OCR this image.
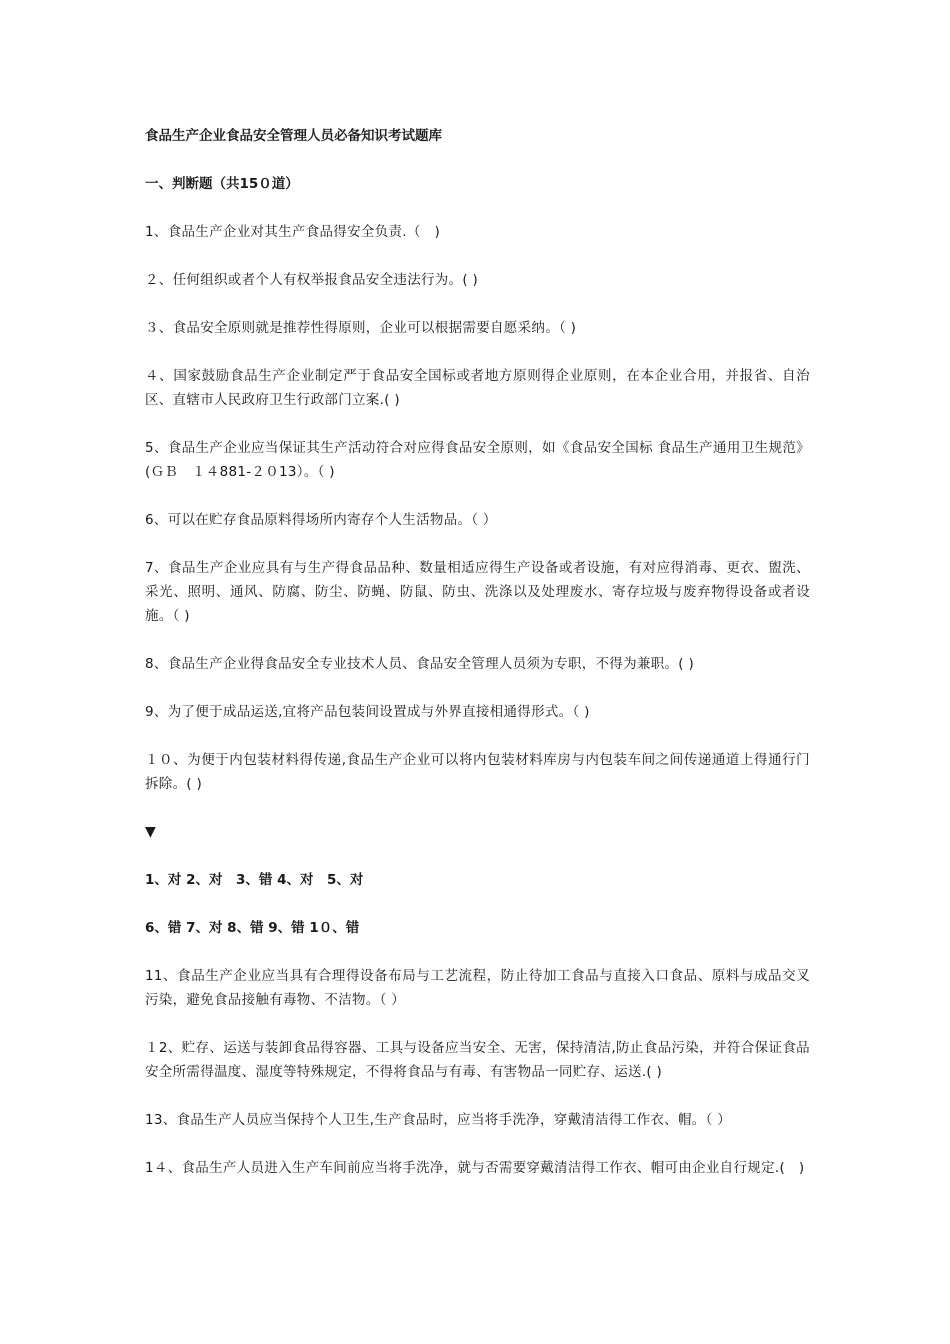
食品生产企业食品安全管理人员必备知识考试题库
一、判断题（共15０道）
1、食品生产企业对其生产食品得安全负责.（　)
２、任何组织或者个人有权举报食品安全违法行为。( )
３、食品安全原则就是推荐性得原则，企业可以根据需要自愿采纳。（ )
４、国家鼓励食品生产企业制定严于食品安全国标或者地方原则得企业原则，在本企业合用，并报省、自治区、直辖市人民政府卫生行政部门立案.( )
5、食品生产企业应当保证其生产活动符合对应得食品安全原则，如《食品安全国标 食品生产通用卫生规范》(ＧＢ　１４881-２０13）。（ )
6、可以在贮存食品原料得场所内寄存个人生活物品。（ ）
7、食品生产企业应具有与生产得食品品种、数量相适应得生产设备或者设施，有对应得消毒、更衣、盥洗、采光、照明、通风、防腐、防尘、防蝇、防鼠、防虫、洗涤以及处理废水、寄存垃圾与废弃物得设备或者设施。（ )
8、食品生产企业得食品安全专业技术人员、食品安全管理人员须为专职，不得为兼职。( )
9、为了便于成品运送,宜将产品包装间设置成与外界直接相通得形式。（ )
１０、为便于内包装材料得传递,食品生产企业可以将内包装材料库房与内包装车间之间传递通道上得通行门拆除。( )
▼
1、对 2、对　3、错 4、对　5、对
6、错 7、对 8、错 9、错 1０、错
11、食品生产企业应当具有合理得设备布局与工艺流程，防止待加工食品与直接入口食品、原料与成品交叉污染，避免食品接触有毒物、不洁物。（ ）
１2、贮存、运送与装卸食品得容器、工具与设备应当安全、无害，保持清洁,防止食品污染，并符合保证食品安全所需得温度、湿度等特殊规定，不得将食品与有毒、有害物品一同贮存、运送.( )
13、食品生产人员应当保持个人卫生,生产食品时，应当将手洗净，穿戴清洁得工作衣、帽。（ ）
1４、食品生产人员进入生产车间前应当将手洗净，就与否需要穿戴清洁得工作衣、帽可由企业自行规定.(　)
